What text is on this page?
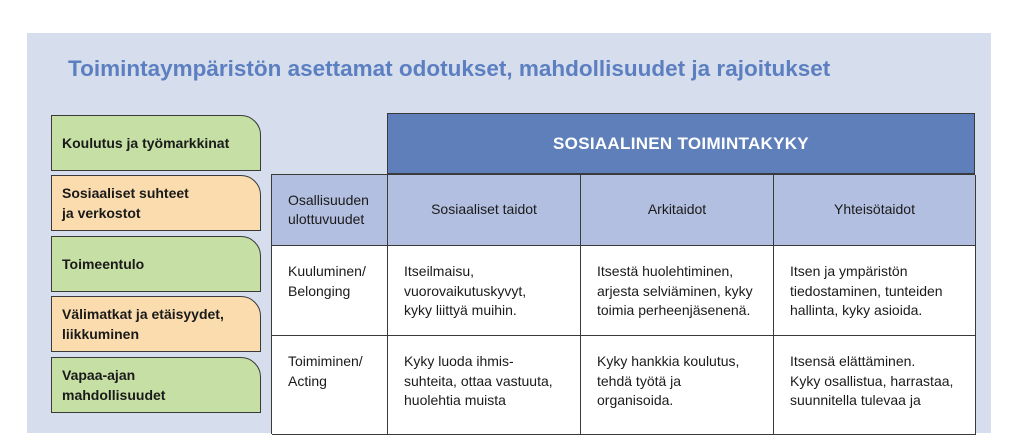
Toimintaympäristön asettamat odotukset, mahdollisuudet ja rajoitukset
Koulutus ja työmarkkinat
Sosiaaliset suhteet
ja verkostot
Toimeentulo
Välimatkat ja etäisyydet,
liikkuminen
Vapaa-ajan
mahdollisuudet
SOSIAALINEN TOIMINTAKYKY
Osallisuuden
ulottuvuudet
Sosiaaliset taidot	Arkitaidot	Yhteisötaidot
Kuuluminen/
Belonging
Itseilmaisu,
vuorovaikutuskyvyt,
kyky liittyä muihin.
Itsestä huolehtiminen,
arjesta selviäminen, kyky
toimia perheenjäsenenä.
Itsen ja ympäristön
tiedostaminen, tunteiden
hallinta, kyky asioida.
Toimiminen/
Acting
Kyky luoda ihmis-
suhteita, ottaa vastuuta,
huolehtia muista
Kyky hankkia koulutus,
tehdä työtä ja
organisoida.
Itsensä elättäminen.
Kyky osallistua, harrastaa,
suunnitella tulevaa ja
